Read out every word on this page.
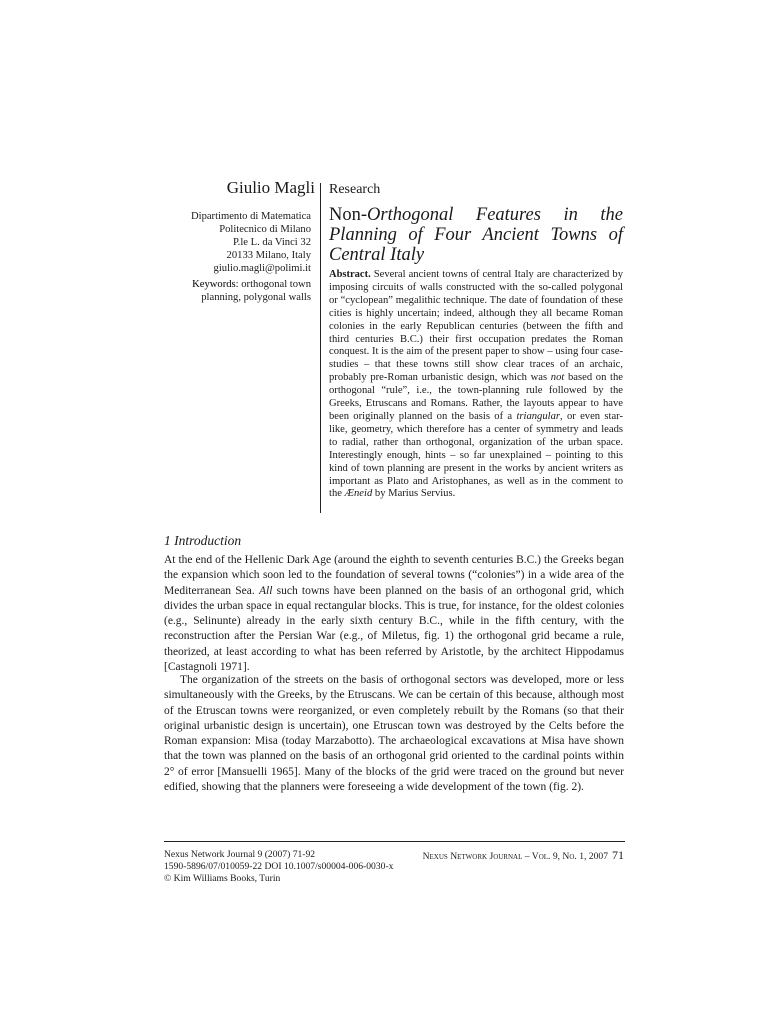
Giulio Magli
Dipartimento di Matematica
Politecnico di Milano
P.le L. da Vinci 32
20133 Milano, Italy
giulio.magli@polimi.it
Keywords: orthogonal town planning, polygonal walls
Research
Non-Orthogonal Features in the Planning of Four Ancient Towns of Central Italy
Abstract. Several ancient towns of central Italy are characterized by imposing circuits of walls constructed with the so-called polygonal or “cyclopean” megalithic technique. The date of foundation of these cities is highly uncertain; indeed, although they all became Roman colonies in the early Republican centuries (between the fifth and third centuries B.C.) their first occupation predates the Roman conquest. It is the aim of the present paper to show – using four case-studies – that these towns still show clear traces of an archaic, probably pre-Roman urbanistic design, which was not based on the orthogonal “rule”, i.e., the town-planning rule followed by the Greeks, Etruscans and Romans. Rather, the layouts appear to have been originally planned on the basis of a triangular, or even star-like, geometry, which therefore has a center of symmetry and leads to radial, rather than orthogonal, organization of the urban space. Interestingly enough, hints – so far unexplained – pointing to this kind of town planning are present in the works by ancient writers as important as Plato and Aristophanes, as well as in the comment to the Æneid by Marius Servius.
1 Introduction
At the end of the Hellenic Dark Age (around the eighth to seventh centuries B.C.) the Greeks began the expansion which soon led to the foundation of several towns (“colonies”) in a wide area of the Mediterranean Sea. All such towns have been planned on the basis of an orthogonal grid, which divides the urban space in equal rectangular blocks. This is true, for instance, for the oldest colonies (e.g., Selinunte) already in the early sixth century B.C., while in the fifth century, with the reconstruction after the Persian War (e.g., of Miletus, fig. 1) the orthogonal grid became a rule, theorized, at least according to what has been referred by Aristotle, by the architect Hippodamus [Castagnoli 1971].
The organization of the streets on the basis of orthogonal sectors was developed, more or less simultaneously with the Greeks, by the Etruscans. We can be certain of this because, although most of the Etruscan towns were reorganized, or even completely rebuilt by the Romans (so that their original urbanistic design is uncertain), one Etruscan town was destroyed by the Celts before the Roman expansion: Misa (today Marzabotto). The archaeological excavations at Misa have shown that the town was planned on the basis of an orthogonal grid oriented to the cardinal points within 2° of error [Mansuelli 1965]. Many of the blocks of the grid were traced on the ground but never edified, showing that the planners were foreseeing a wide development of the town (fig. 2).
Nexus Network Journal 9 (2007) 71-92
1590-5896/07/010059-22 DOI 10.1007/s00004-006-0030-x
© Kim Williams Books, Turin
Nexus Network Journal – Vol. 9, No. 1, 2007 71
